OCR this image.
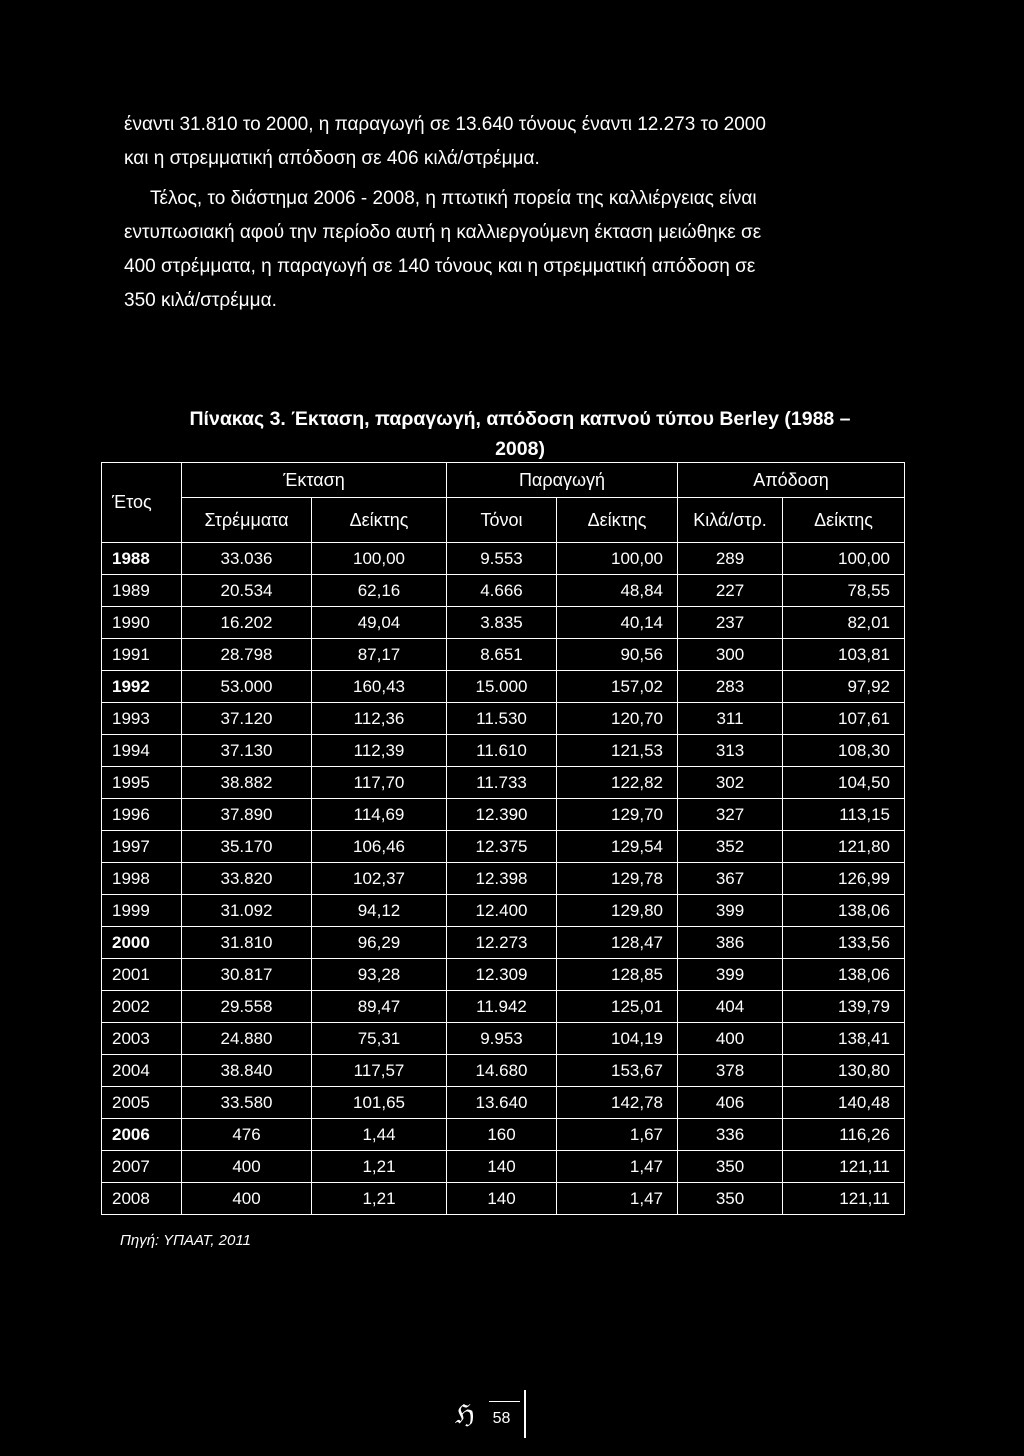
έναντι 31.810 το 2000, η παραγωγή σε 13.640 τόνους έναντι 12.273 το 2000
και η στρεμματική απόδοση σε 406 κιλά/στρέμμα.
Τέλος, το διάστημα 2006 - 2008, η πτωτική πορεία της καλλιέργειας είναι
εντυπωσιακή αφού την περίοδο αυτή η καλλιεργούμενη έκταση μειώθηκε σε
400 στρέμματα, η παραγωγή σε 140 τόνους και η στρεμματική απόδοση σε
350 κιλά/στρέμμα.
Πίνακας 3. Έκταση, παραγωγή, απόδοση καπνού τύπου Berley (1988 –
2008)
Έτος	Έκταση		Παραγωγή		Απόδοση	
	Στρέμματα	Δείκτης	Τόνοι	Δείκτης	Κιλά/στρ.	Δείκτης
1988	33.036	100,00	9.553	100,00	289	100,00
1989	20.534	62,16	4.666	48,84	227	78,55
1990	16.202	49,04	3.835	40,14	237	82,01
1991	28.798	87,17	8.651	90,56	300	103,81
1992	53.000	160,43	15.000	157,02	283	97,92
1993	37.120	112,36	11.530	120,70	311	107,61
1994	37.130	112,39	11.610	121,53	313	108,30
1995	38.882	117,70	11.733	122,82	302	104,50
1996	37.890	114,69	12.390	129,70	327	113,15
1997	35.170	106,46	12.375	129,54	352	121,80
1998	33.820	102,37	12.398	129,78	367	126,99
1999	31.092	94,12	12.400	129,80	399	138,06
2000	31.810	96,29	12.273	128,47	386	133,56
2001	30.817	93,28	12.309	128,85	399	138,06
2002	29.558	89,47	11.942	125,01	404	139,79
2003	24.880	75,31	9.953	104,19	400	138,41
2004	38.840	117,57	14.680	153,67	378	130,80
2005	33.580	101,65	13.640	142,78	406	140,48
2006	476	1,44	160	1,67	336	116,26
2007	400	1,21	140	1,47	350	121,11
2008	400	1,21	140	1,47	350	121,11
Πηγή: ΥΠΑΑΤ, 2011
ℌ 58
